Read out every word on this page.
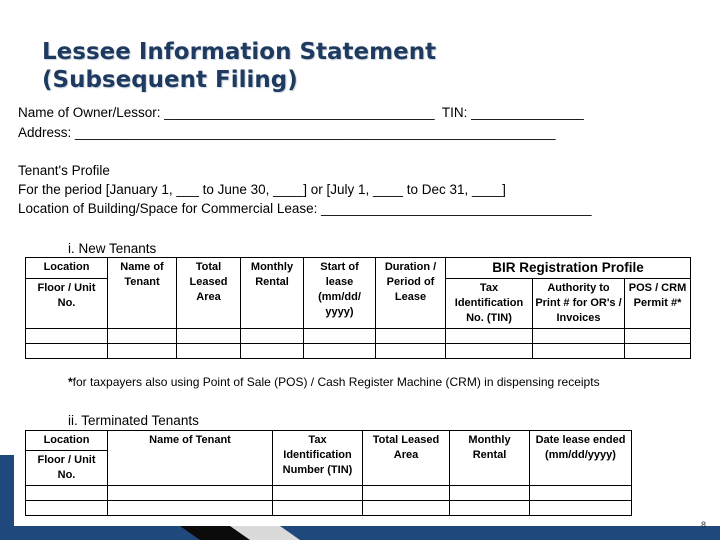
Lessee Information Statement
(Subsequent Filing)
Name of Owner/Lessor: ____________________________________  TIN: _______________
Address: ________________________________________________________________
Tenant's Profile
For the period [January 1, ___ to June 30, ____] or [July 1, ____ to Dec 31, ____]
Location of Building/Space for Commercial Lease: ____________________________________
i. New Tenants
Location	Name of Tenant	Total Leased Area	Monthly Rental	Start of lease (mm/dd/ yyyy)	Duration / Period of Lease	BIR Registration Profile		
Floor / Unit No.						Tax Identification No. (TIN)	Authority to Print # for OR's / Invoices	POS / CRM Permit #*

*for taxpayers also using Point of Sale (POS) / Cash Register Machine (CRM) in dispensing receipts
ii. Terminated Tenants
Location	Name of Tenant	Tax Identification Number (TIN)	Total Leased Area	Monthly Rental	Date lease ended (mm/dd/yyyy)
Floor / Unit No.					

8
